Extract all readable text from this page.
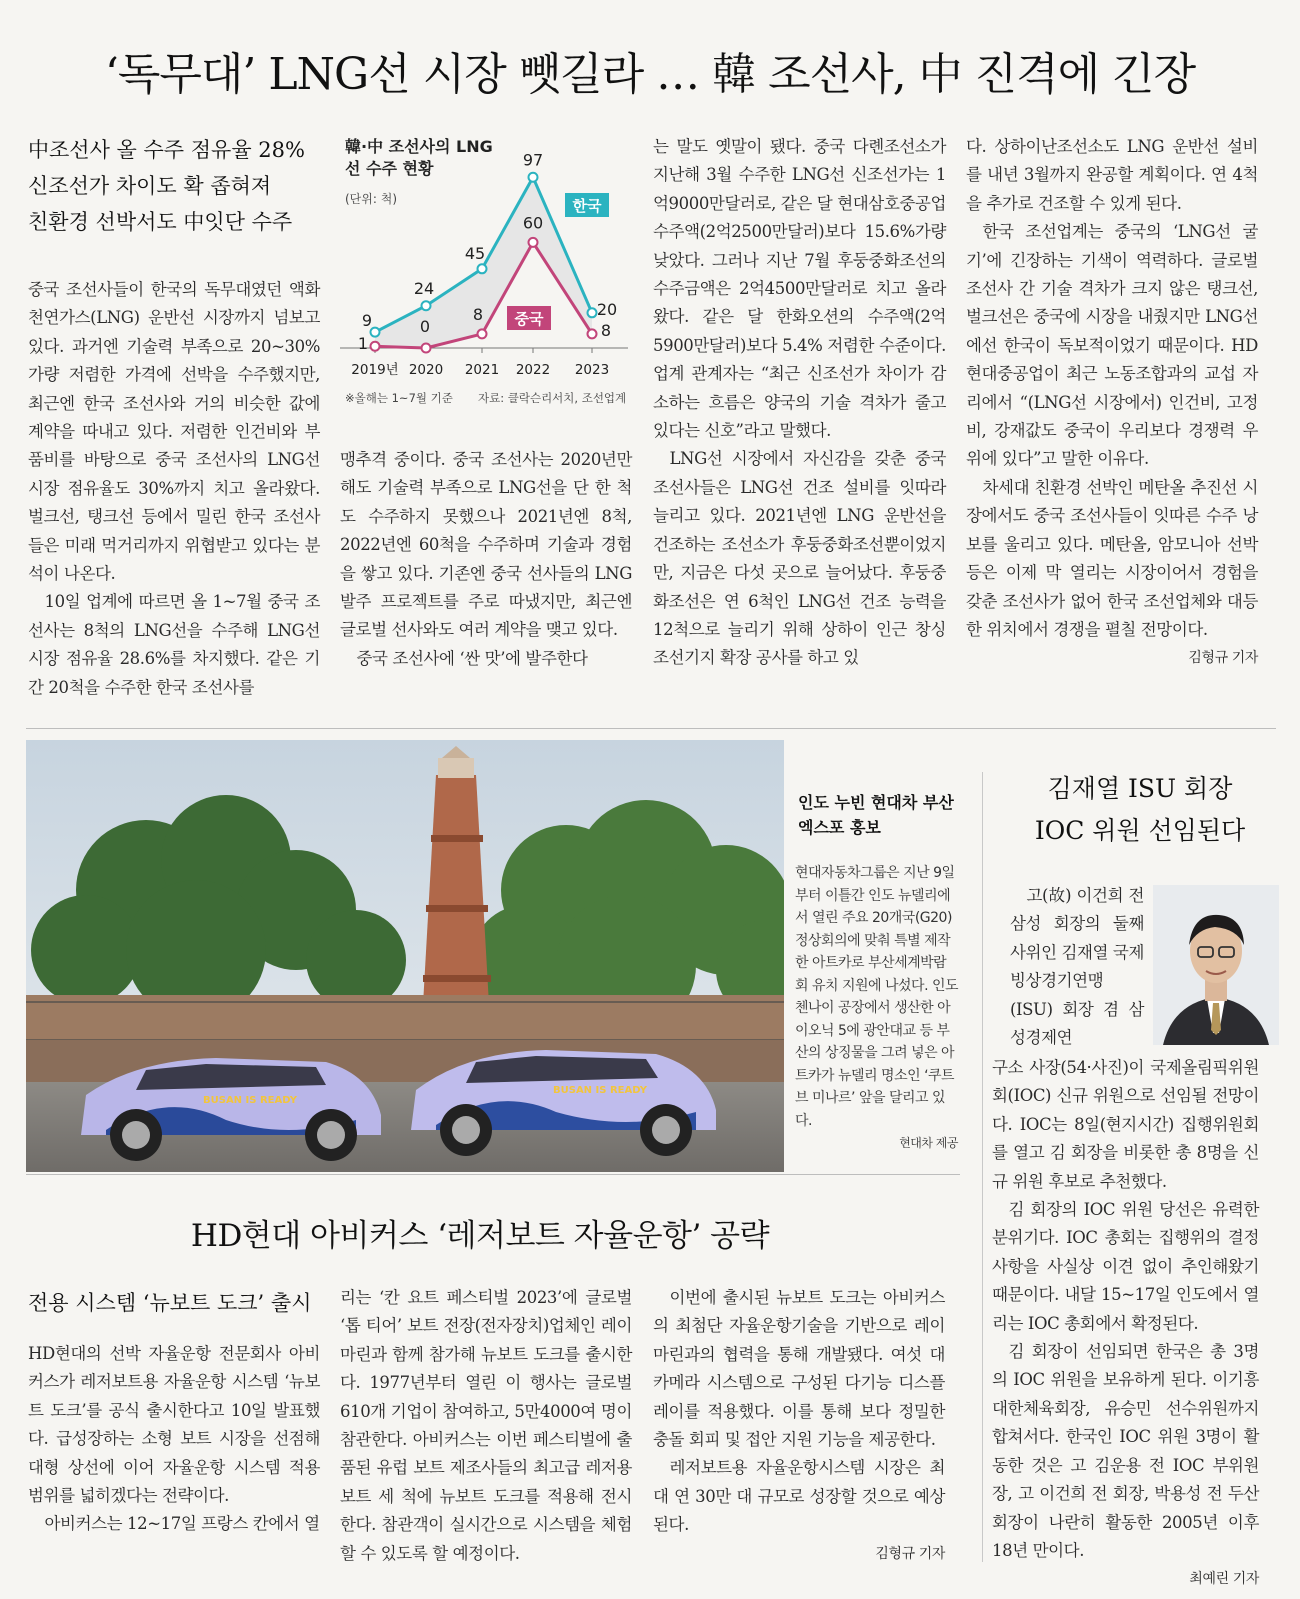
‘독무대’ LNG선 시장 뺏길라 … 韓 조선사, 中 진격에 긴장
中조선사 올 수주 점유율 28%
신조선가 차이도 확 좁혀져
친환경 선박서도 中잇단 수주

중국 조선사들이 한국의 독무대였던 액화천연가스(LNG) 운반선 시장까지 넘보고 있다. 과거엔 기술력 부족으로 20~30%가량 저렴한 가격에 선박을 수주했지만, 최근엔 한국 조선사와 거의 비슷한 값에 계약을 따내고 있다. 저렴한 인건비와 부품비를 바탕으로 중국 조선사의 LNG선 시장 점유율도 30%까지 치고 올라왔다. 벌크선, 탱크선 등에서 밀린 한국 조선사들은 미래 먹거리까지 위협받고 있다는 분석이 나온다.

10일 업계에 따르면 올 1~7월 중국 조선사는 8척의 LNG선을 수주해 LNG선 시장 점유율 28.6%를 차지했다. 같은 기간 20척을 수주한 한국 조선사를

韓·中 조선사의 LNG선 수주 현황
(단위: 척)
2019년 2020 2021 2022 2023
9
24
45
97
20
1
0
8
60
8
한국
중국
※올해는 1~7월 기준 자료: 클락슨리서치, 조선업계

맹추격 중이다. 중국 조선사는 2020년만 해도 기술력 부족으로 LNG선을 단 한 척도 수주하지 못했으나 2021년엔 8척, 2022년엔 60척을 수주하며 기술과 경험을 쌓고 있다. 기존엔 중국 선사들의 LNG 발주 프로젝트를 주로 따냈지만, 최근엔 글로벌 선사와도 여러 계약을 맺고 있다.

중국 조선사에 ‘싼 맛’에 발주한다

는 말도 옛말이 됐다. 중국 다롄조선소가 지난해 3월 수주한 LNG선 신조선가는 1억9000만달러로, 같은 달 현대삼호중공업 수주액(2억2500만달러)보다 15.6%가량 낮았다. 그러나 지난 7월 후둥중화조선의 수주금액은 2억4500만달러로 치고 올라왔다. 같은 달 한화오션의 수주액(2억5900만달러)보다 5.4% 저렴한 수준이다. 업계 관계자는 “최근 신조선가 차이가 감소하는 흐름은 양국의 기술 격차가 줄고 있다는 신호”라고 말했다.

LNG선 시장에서 자신감을 갖춘 중국 조선사들은 LNG선 건조 설비를 잇따라 늘리고 있다. 2021년엔 LNG 운반선을 건조하는 조선소가 후둥중화조선뿐이었지만, 지금은 다섯 곳으로 늘어났다. 후둥중화조선은 연 6척인 LNG선 건조 능력을 12척으로 늘리기 위해 상하이 인근 창싱조선기지 확장 공사를 하고 있

다. 상하이난조선소도 LNG 운반선 설비를 내년 3월까지 완공할 계획이다. 연 4척을 추가로 건조할 수 있게 된다.

한국 조선업계는 중국의 ‘LNG선 굴기’에 긴장하는 기색이 역력하다. 글로벌 조선사 간 기술 격차가 크지 않은 탱크선, 벌크선은 중국에 시장을 내줬지만 LNG선에선 한국이 독보적이었기 때문이다. HD현대중공업이 최근 노동조합과의 교섭 자리에서 “(LNG선 시장에서) 인건비, 고정비, 강재값도 중국이 우리보다 경쟁력 우위에 있다”고 말한 이유다.

차세대 친환경 선박인 메탄올 추진선 시장에서도 중국 조선사들이 잇따른 수주 낭보를 울리고 있다. 메탄올, 암모니아 선박 등은 이제 막 열리는 시장이어서 경험을 갖춘 조선사가 없어 한국 조선업체와 대등한 위치에서 경쟁을 펼칠 전망이다.

김형규 기자
BUSAN IS READY
BUSAN IS READY
인도 누빈 현대차 부산엑스포 홍보
현대자동차그룹은 지난 9일부터 이틀간 인도 뉴델리에서 열린 주요 20개국(G20) 정상회의에 맞춰 특별 제작한 아트카로 부산세계박람회 유치 지원에 나섰다. 인도 첸나이 공장에서 생산한 아이오닉 5에 광안대교 등 부산의 상징물을 그려 넣은 아트카가 뉴델리 명소인 ‘쿠트브 미나르’ 앞을 달리고 있다.
현대차 제공
HD현대 아비커스 ‘레저보트 자율운항’ 공략
전용 시스템 ‘뉴보트 도크’ 출시

HD현대의 선박 자율운항 전문회사 아비커스가 레저보트용 자율운항 시스템 ‘뉴보트 도크’를 공식 출시한다고 10일 발표했다. 급성장하는 소형 보트 시장을 선점해 대형 상선에 이어 자율운항 시스템 적용 범위를 넓히겠다는 전략이다.

아비커스는 12~17일 프랑스 칸에서 열

리는 ‘칸 요트 페스티벌 2023’에 글로벌 ‘톱 티어’ 보트 전장(전자장치)업체인 레이마린과 함께 참가해 뉴보트 도크를 출시한다. 1977년부터 열린 이 행사는 글로벌 610개 기업이 참여하고, 5만4000여 명이 참관한다. 아비커스는 이번 페스티벌에 출품된 유럽 보트 제조사들의 최고급 레저용 보트 세 척에 뉴보트 도크를 적용해 전시한다. 참관객이 실시간으로 시스템을 체험할 수 있도록 할 예정이다.

이번에 출시된 뉴보트 도크는 아비커스의 최첨단 자율운항기술을 기반으로 레이마린과의 협력을 통해 개발됐다. 여섯 대 카메라 시스템으로 구성된 다기능 디스플레이를 적용했다. 이를 통해 보다 정밀한 충돌 회피 및 접안 지원 기능을 제공한다.

레저보트용 자율운항시스템 시장은 최대 연 30만 대 규모로 성장할 것으로 예상된다.

김형규 기자
김재열 ISU 회장
IOC 위원 선임된다

고(故) 이건희 전 삼성 회장의 둘째 사위인 김재열 국제빙상경기연맹(ISU) 회장 겸 삼성경제연

구소 사장(54·사진)이 국제올림픽위원회(IOC) 신규 위원으로 선임될 전망이다. IOC는 8일(현지시간) 집행위원회를 열고 김 회장을 비롯한 총 8명을 신규 위원 후보로 추천했다.

김 회장의 IOC 위원 당선은 유력한 분위기다. IOC 총회는 집행위의 결정사항을 사실상 이견 없이 추인해왔기 때문이다. 내달 15~17일 인도에서 열리는 IOC 총회에서 확정된다.

김 회장이 선임되면 한국은 총 3명의 IOC 위원을 보유하게 된다. 이기흥 대한체육회장, 유승민 선수위원까지 합쳐서다. 한국인 IOC 위원 3명이 활동한 것은 고 김운용 전 IOC 부위원장, 고 이건희 전 회장, 박용성 전 두산 회장이 나란히 활동한 2005년 이후 18년 만이다.

최예린 기자
